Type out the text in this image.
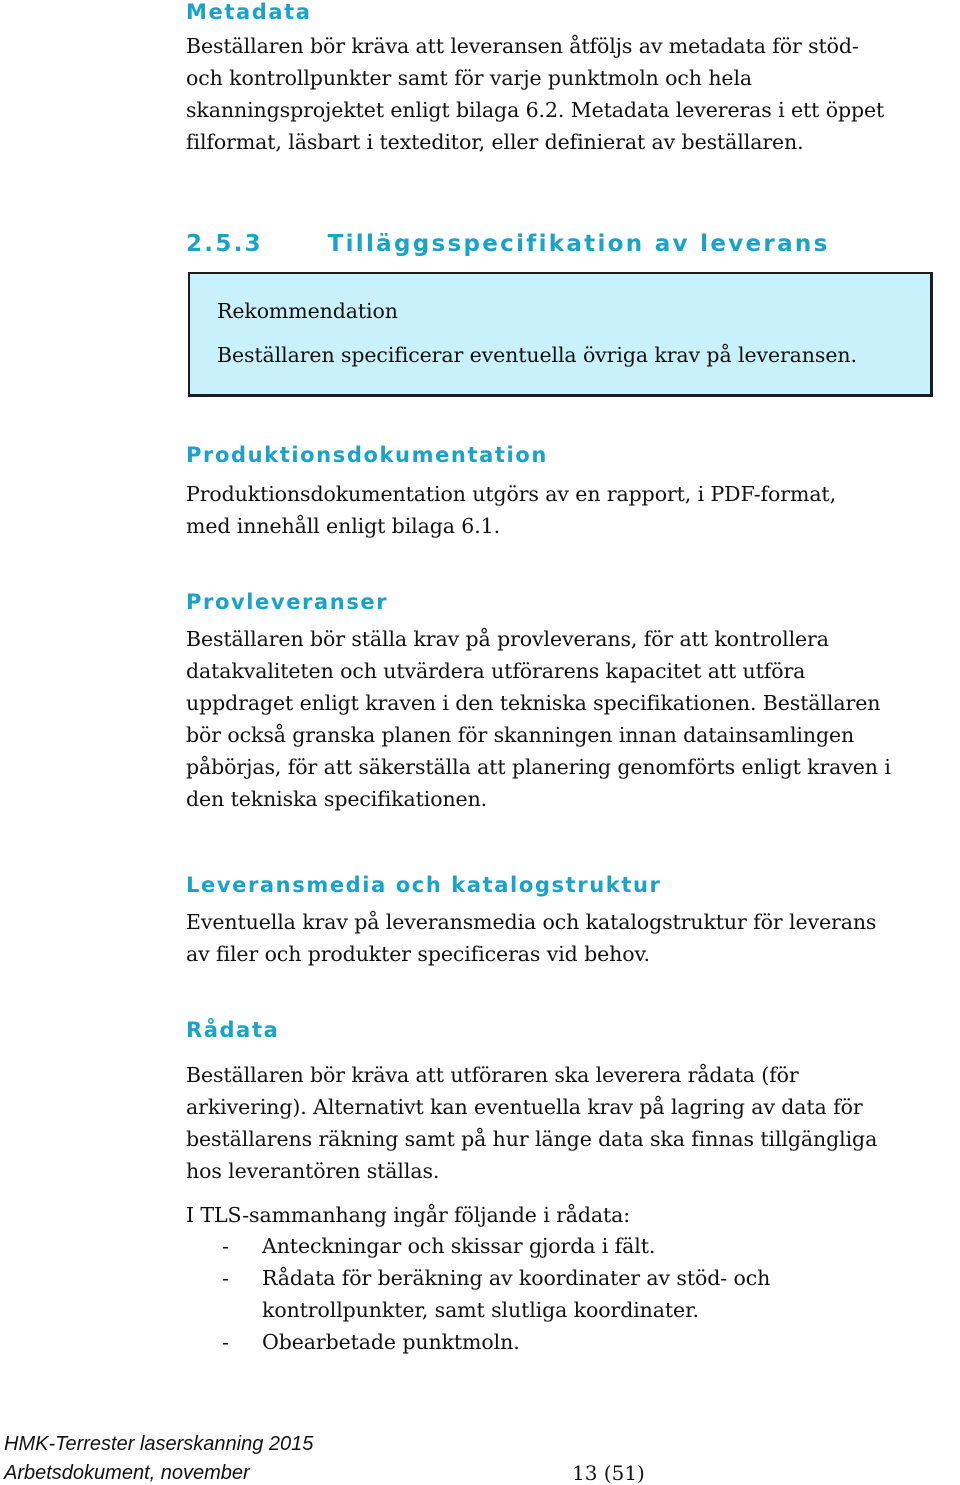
Metadata

Beställaren bör kräva att leveransen åtföljs av metadata för stöd-

och kontrollpunkter samt för varje punktmoln och hela

skanningsprojektet enligt bilaga 6.2. Metadata levereras i ett öppet

filformat, läsbart i texteditor, eller definierat av beställaren.

2.5.3	Tilläggsspecifikation av leverans

Rekommendation

Beställaren specificerar eventuella övriga krav på leveransen.

Produktionsdokumentation

Produktionsdokumentation utgörs av en rapport, i PDF-format,

med innehåll enligt bilaga 6.1.

Provleveranser

Beställaren bör ställa krav på provleverans, för att kontrollera

datakvaliteten och utvärdera utförarens kapacitet att utföra

uppdraget enligt kraven i den tekniska specifikationen. Beställaren

bör också granska planen för skanningen innan datainsamlingen

påbörjas, för att säkerställa att planering genomförts enligt kraven i

den tekniska specifikationen.

Leveransmedia och katalogstruktur

Eventuella krav på leveransmedia och katalogstruktur för leverans

av filer och produkter specificeras vid behov.

Rådata

Beställaren bör kräva att utföraren ska leverera rådata (för

arkivering). Alternativt kan eventuella krav på lagring av data för

beställarens räkning samt på hur länge data ska finnas tillgängliga

hos leverantören ställas.

I TLS-sammanhang ingår följande i rådata:

- Anteckningar och skissar gjorda i fält.

- Rådata för beräkning av koordinater av stöd- och

kontrollpunkter, samt slutliga koordinater.

- Obearbetade punktmoln.

HMK-Terrester laserskanning 2015
Arbetsdokument, november	13 (51)
